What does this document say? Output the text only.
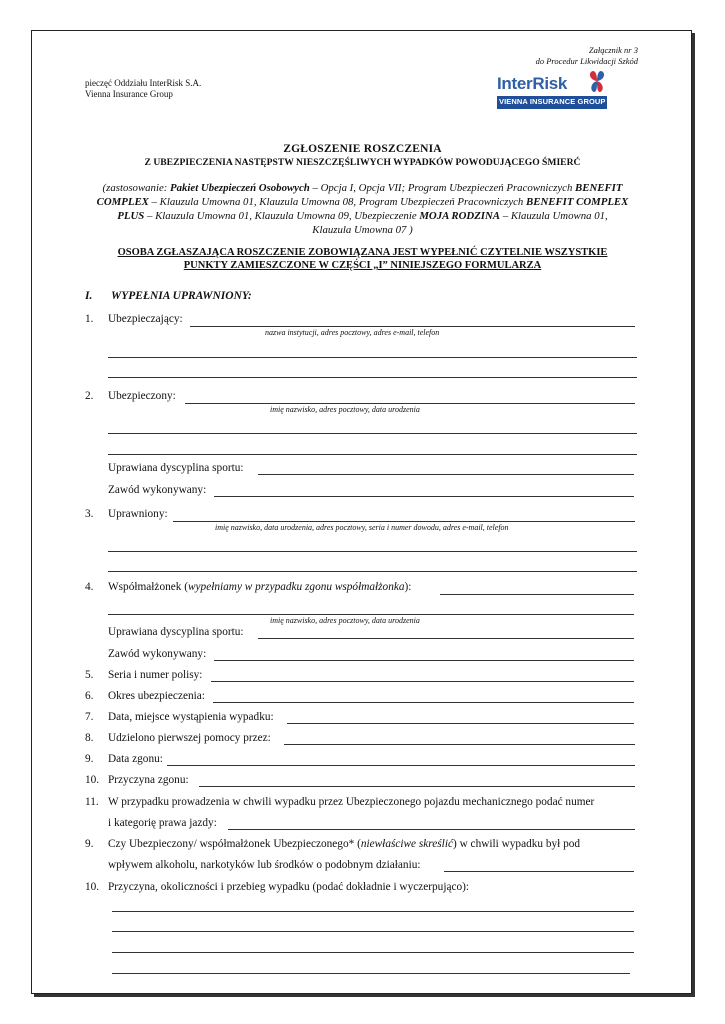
Załącznik nr 3
do Procedur Likwidacji Szkód
pieczęć Oddziału InterRisk S.A.
Vienna Insurance Group
InterRisk
VIENNA INSURANCE GROUP
ZGŁOSZENIE ROSZCZENIA
Z UBEZPIECZENIA NASTĘPSTW NIESZCZĘŚLIWYCH WYPADKÓW POWODUJĄCEGO ŚMIERĆ
(zastosowanie: Pakiet Ubezpieczeń Osobowych – Opcja I, Opcja VII; Program Ubezpieczeń Pracowniczych BENEFIT
COMPLEX – Klauzula Umowna 01, Klauzula Umowna 08, Program Ubezpieczeń Pracowniczych BENEFIT COMPLEX
PLUS – Klauzula Umowna 01, Klauzula Umowna 09, Ubezpieczenie MOJA RODZINA – Klauzula Umowna 01,
Klauzula Umowna 07 )
OSOBA ZGŁASZAJĄCA ROSZCZENIE ZOBOWIĄZANA JEST WYPEŁNIĆ CZYTELNIE WSZYSTKIE
PUNKTY ZAMIESZCZONE W CZĘŚCI „I” NINIEJSZEGO FORMULARZA
I. WYPEŁNIA UPRAWNIONY:
1. Ubezpieczający:
nazwa instytucji, adres pocztowy, adres e-mail, telefon
2. Ubezpieczony:
imię nazwisko, adres pocztowy, data urodzenia
Uprawiana dyscyplina sportu:
Zawód wykonywany:
3. Uprawniony:
imię nazwisko, data urodzenia, adres pocztowy, seria i numer dowodu, adres e-mail, telefon
4. Współmałżonek (wypełniamy w przypadku zgonu współmałżonka):
imię nazwisko, adres pocztowy, data urodzenia
Uprawiana dyscyplina sportu:
Zawód wykonywany:
5. Seria i numer polisy:
6. Okres ubezpieczenia:
7. Data, miejsce wystąpienia wypadku:
8. Udzielono pierwszej pomocy przez:
9. Data zgonu:
10. Przyczyna zgonu:
11. W przypadku prowadzenia w chwili wypadku przez Ubezpieczonego pojazdu mechanicznego podać numer
i kategorię prawa jazdy:
9. Czy Ubezpieczony/ współmałżonek Ubezpieczonego* (niewłaściwe skreślić) w chwili wypadku był pod
wpływem alkoholu, narkotyków lub środków o podobnym działaniu:
10. Przyczyna, okoliczności i przebieg wypadku (podać dokładnie i wyczerpująco):
